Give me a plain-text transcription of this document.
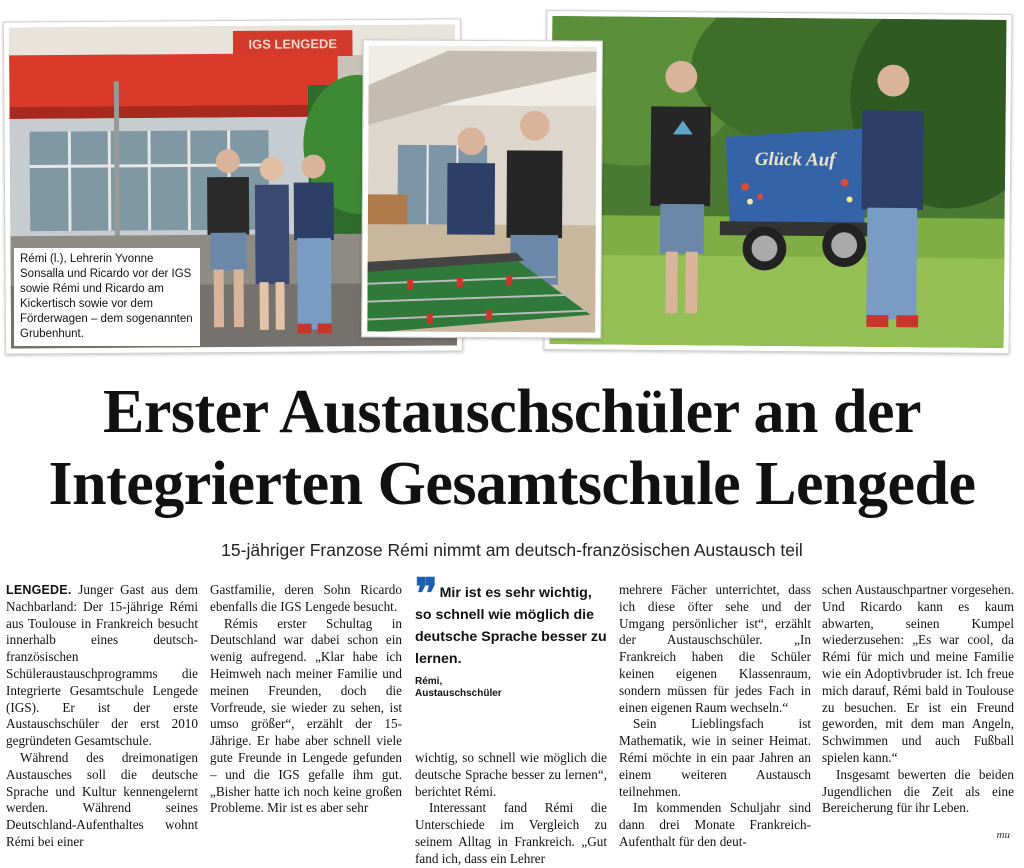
IGS LENGEDE
Glück Auf
Rémi (l.), Lehrerin Yvonne Sonsalla und Ricardo vor der IGS sowie Rémi und Ricardo am Kickertisch sowie vor dem Förderwagen – dem sogenannten Grubenhunt.
Erster Austauschschüler an der
Integrierten Gesamtschule Lengede
15-jähriger Franzose Rémi nimmt am deutsch-französischen Austausch teil

LENGEDE. Junger Gast aus dem Nachbarland: Der 15-jährige Rémi aus Toulouse in Frankreich besucht innerhalb eines deutsch-französischen Schüleraustauschprogramms die Integrierte Gesamtschule Lengede (IGS). Er ist der erste Austauschschüler der erst 2010 gegründeten Gesamtschule.

Während des dreimonatigen Austausches soll die deutsche Sprache und Kultur kennengelernt werden. Während seines Deutschland-Aufenthaltes wohnt Rémi bei einer

Gastfamilie, deren Sohn Ricardo ebenfalls die IGS Lengede besucht.

Rémis erster Schultag in Deutschland war dabei schon ein wenig aufregend. „Klar habe ich Heimweh nach meiner Familie und meinen Freunden, doch die Vorfreude, sie wieder zu sehen, ist umso größer“, erzählt der 15-Jährige. Er habe aber schnell viele gute Freunde in Lengede gefunden – und die IGS gefalle ihm gut. „Bisher hatte ich noch keine großen Probleme. Mir ist es aber sehr

❞ Mir ist es sehr wichtig, so schnell wie möglich die deutsche Sprache besser zu lernen.
Rémi,
Austauschschüler

wichtig, so schnell wie möglich die deutsche Sprache besser zu lernen“, berichtet Rémi.

Interessant fand Rémi die Unterschiede im Vergleich zu seinem Alltag in Frankreich. „Gut fand ich, dass ein Lehrer

mehrere Fächer unterrichtet, dass ich diese öfter sehe und der Umgang persönlicher ist“, erzählt der Austauschschüler. „In Frankreich haben die Schüler keinen eigenen Klassenraum, sondern müssen für jedes Fach in einen eigenen Raum wechseln.“

Sein Lieblingsfach ist Mathematik, wie in seiner Heimat. Rémi möchte in ein paar Jahren an einem weiteren Austausch teilnehmen.

Im kommenden Schuljahr sind dann drei Monate Frankreich-Aufenthalt für den deut-

schen Austauschpartner vorgesehen. Und Ricardo kann es kaum abwarten, seinen Kumpel wiederzusehen: „Es war cool, da Rémi für mich und meine Familie wie ein Adoptivbruder ist. Ich freue mich darauf, Rémi bald in Toulouse zu besuchen. Er ist ein Freund geworden, mit dem man Angeln, Schwimmen und auch Fußball spielen kann.“

Insgesamt bewerten die beiden Jugendlichen die Zeit als eine Bereicherung für ihr Leben.

mu
